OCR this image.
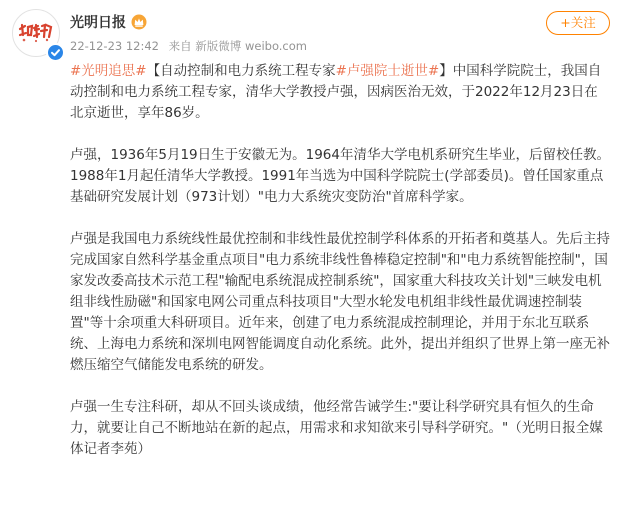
光明日报
22-12-23 12:42 来自 新版微博 weibo.com
+关注

#光明追思#【自动控制和电力系统工程专家#卢强院士逝世#】中国科学院院士，我国自动控制和电力系统工程专家，清华大学教授卢强，因病医治无效，于2022年12月23日在北京逝世，享年86岁。

卢强，1936年5月19日生于安徽无为。1964年清华大学电机系研究生毕业，后留校任教。1988年1月起任清华大学教授。1991年当选为中国科学院院士(学部委员)。曾任国家重点基础研究发展计划（973计划）"电力大系统灾变防治"首席科学家。

卢强是我国电力系统线性最优控制和非线性最优控制学科体系的开拓者和奠基人。先后主持完成国家自然科学基金重点项目"电力系统非线性鲁棒稳定控制"和"电力系统智能控制"，国家发改委高技术示范工程"输配电系统混成控制系统"，国家重大科技攻关计划"三峡发电机组非线性励磁"和国家电网公司重点科技项目"大型水轮发电机组非线性最优调速控制装置"等十余项重大科研项目。近年来，创建了电力系统混成控制理论，并用于东北互联系统、上海电力系统和深圳电网智能调度自动化系统。此外，提出并组织了世界上第一座无补燃压缩空气储能发电系统的研发。

卢强一生专注科研，却从不回头谈成绩，他经常告诫学生:"要让科学研究具有恒久的生命力，就要让自己不断地站在新的起点，用需求和求知欲来引导科学研究。"（光明日报全媒体记者李苑）
